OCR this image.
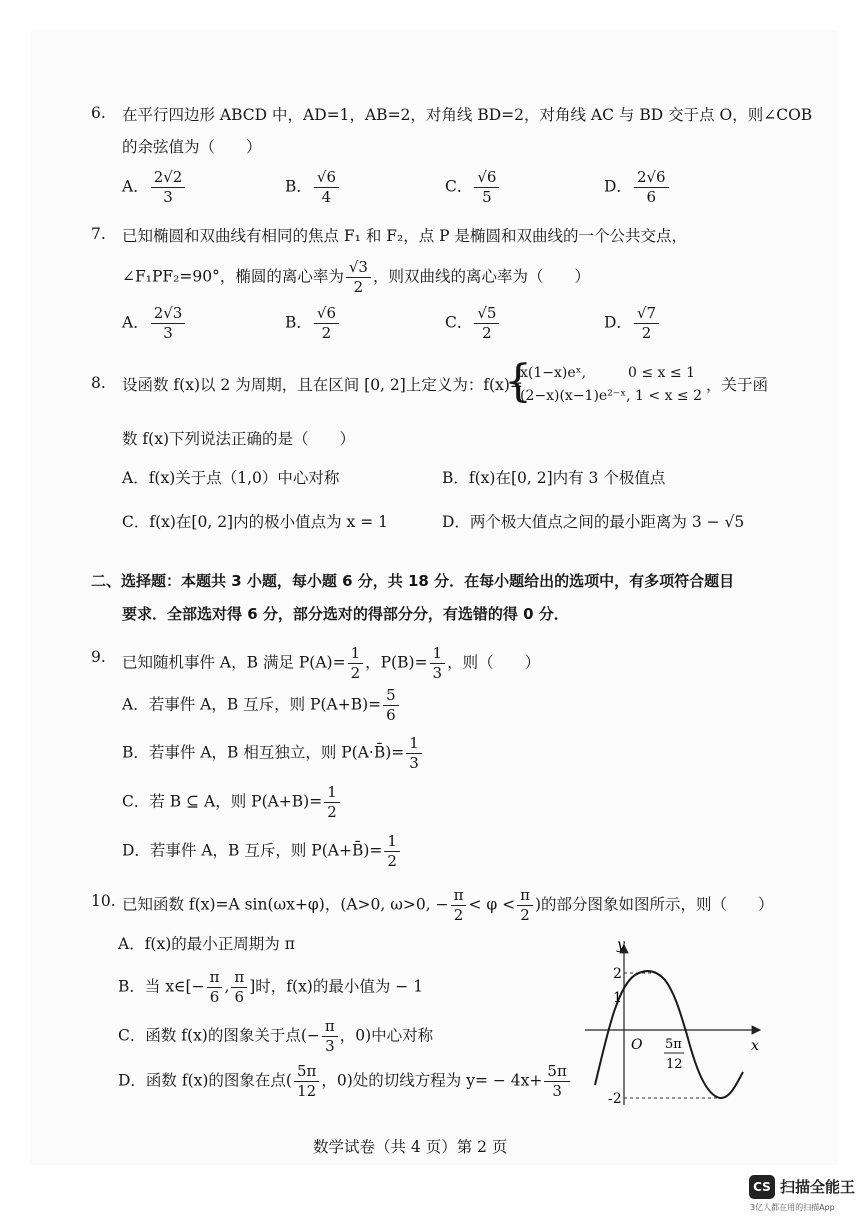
6. 在平行四边形 ABCD 中，AD=1，AB=2，对角线 BD=2，对角线 AC 与 BD 交于点 O，则∠COB
的余弦值为（　　）
A． $\frac{2√2}{3}$	B． $\frac{√6}{4}$	C． $\frac{√6}{5}$	D． $\frac{2√6}{6}$
7. 已知椭圆和双曲线有相同的焦点 F₁ 和 F₂，点 P 是椭圆和双曲线的一个公共交点，
∠F₁PF₂=90°，椭圆的离心率为 $\frac{√3}{2}$ ，则双曲线的离心率为（　　）
A． $\frac{2√3}{3}$	B． $\frac{√6}{2}$	C． $\frac{√5}{2}$	D． $\frac{√7}{2}$
8. 设函数 f(x)以 2 为周期，且在区间 [0, 2]上定义为：f(x)=
{
x(1−x)eˣ,　　　0 ≤ x ≤ 1
(2−x)(x−1)e²⁻ˣ, 1 < x ≤ 2
，关于函
数 f(x)下列说法正确的是（　　）
A．f(x)关于点（1,0）中心对称	B．f(x)在[0, 2]内有 3 个极值点
C．f(x)在[0, 2]内的极小值点为 x = 1	D．两个极大值点之间的最小距离为 3 − √5
二、选择题：本题共 3 小题，每小题 6 分，共 18 分．在每小题给出的选项中，有多项符合题目
要求．全部选对得 6 分，部分选对的得部分分，有选错的得 0 分．
9. 已知随机事件 A，B 满足 $P(A)= \frac{1}{2}$ ，$P(B)= \frac{1}{3}$ ，则（　　）
A．若事件 A，B 互斥，则 $P(A+B)= \frac{5}{6}$
B．若事件 A，B 相互独立，则 P(A·B̄)= $\frac{1}{3}$
C．若 B ⊆ A，则 $P(A+B)= \frac{1}{2}$
D．若事件 A，B 互斥，则 P(A+B̄)= $\frac{1}{2}$
10. 已知函数 f(x)=A sin(ωx+φ)，(A>0, ω>0, − $\frac{\pi}{2} < \varphi < \frac{\pi}{2}$ )的部分图象如图所示，则（　　）
A．f(x)的最小正周期为 π
B．当 x∈[− $\frac{\pi}{6}$ , $\frac{\pi}{6}$ ]时，f(x)的最小值为 − 1
C．函数 f(x)的图象关于点(− $\frac{\pi}{3}$ ，0)中心对称
D．函数 f(x)的图象在点( $\frac{5\pi}{12}$ ，0)处的切线方程为 $y= - 4x+ \frac{5\pi}{3}$
y
x
O
2
1
-2
5π
12
数学试卷（共 4 页）第 2 页
CS 扫描全能王
3亿人都在用的扫描App
